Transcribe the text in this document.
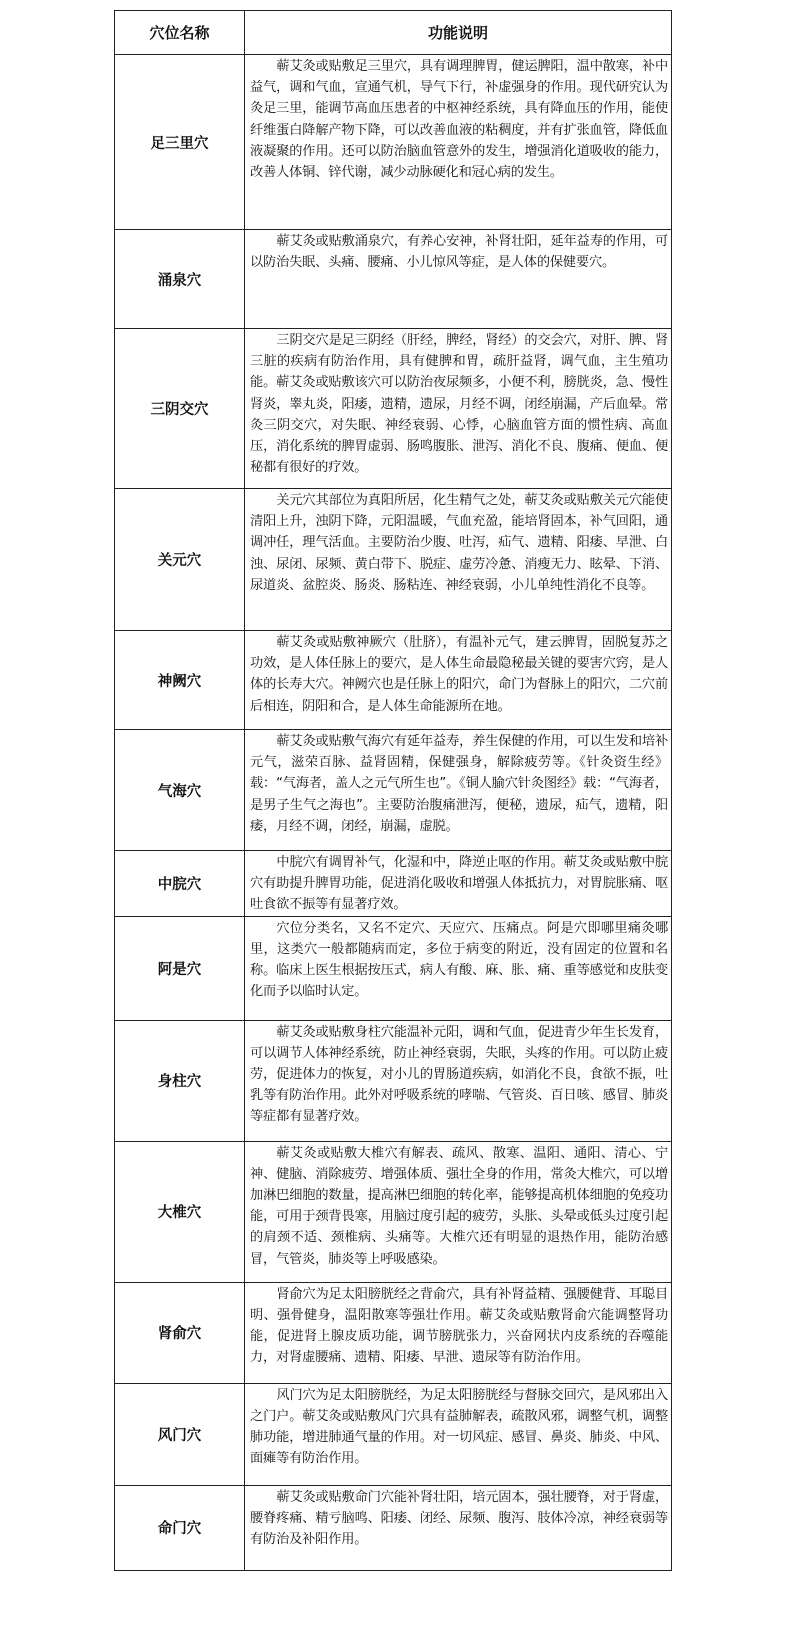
穴位名称	功能说明
足三里穴	蕲艾灸或贴敷足三里穴，具有调理脾胃，健运脾阳，温中散寒，补中益气，调和气血，宣通气机，导气下行，补虚强身的作用。现代研究认为灸足三里，能调节高血压患者的中枢神经系统，具有降血压的作用，能使纤维蛋白降解产物下降，可以改善血液的粘稠度，并有扩张血管，降低血液凝聚的作用。还可以防治脑血管意外的发生，增强消化道吸收的能力，改善人体铜、锌代谢，减少动脉硬化和冠心病的发生。
涌泉穴	蕲艾灸或贴敷涌泉穴，有养心安神，补肾壮阳，延年益寿的作用，可以防治失眠、头痛、腰痛、小儿惊风等症，是人体的保健要穴。
三阴交穴	三阴交穴是足三阴经（肝经，脾经，肾经）的交会穴，对肝、脾、肾三脏的疾病有防治作用，具有健脾和胃，疏肝益肾，调气血，主生殖功能。蕲艾灸或贴敷该穴可以防治夜尿频多，小便不利，膀胱炎，急、慢性肾炎，睾丸炎，阳痿，遗精，遗尿，月经不调，闭经崩漏，产后血晕。常灸三阴交穴，对失眠、神经衰弱、心悸，心脑血管方面的惯性病、高血压，消化系统的脾胃虚弱、肠鸣腹胀、泄泻、消化不良、腹痛、便血、便秘都有很好的疗效。
关元穴	关元穴其部位为真阳所居，化生精气之处，蕲艾灸或贴敷关元穴能使清阳上升，浊阴下降，元阳温暖，气血充盈，能培肾固本，补气回阳，通调冲任，理气活血。主要防治少腹、吐泻，疝气、遗精、阳痿、早泄、白浊、尿闭、尿频、黄白带下、脱症、虚劳冷惫、消瘦无力、眩晕、下消、尿道炎、盆腔炎、肠炎、肠粘连、神经衰弱，小儿单纯性消化不良等。
神阙穴	蕲艾灸或贴敷神厥穴（肚脐），有温补元气，建云脾胃，固脱复苏之功效，是人体任脉上的要穴，是人体生命最隐秘最关键的要害穴窍，是人体的长寿大穴。神阙穴也是任脉上的阳穴，命门为督脉上的阳穴，二穴前后相连，阴阳和合，是人体生命能源所在地。
气海穴	蕲艾灸或贴敷气海穴有延年益寿，养生保健的作用，可以生发和培补元气，滋荣百脉、益肾固精，保健强身，解除疲劳等。《针灸资生经》载：“气海者，盖人之元气所生也”。《铜人腧穴针灸图经》载：“气海者，是男子生气之海也”。主要防治腹痛泄泻，便秘，遗尿，疝气，遗精，阳痿，月经不调，闭经，崩漏，虚脱。
中脘穴	中脘穴有调胃补气，化湿和中，降逆止呕的作用。蕲艾灸或贴敷中脘穴有助提升脾胃功能，促进消化吸收和增强人体抵抗力，对胃脘胀痛、呕吐食欲不振等有显著疗效。
阿是穴	穴位分类名，又名不定穴、天应穴、压痛点。阿是穴即哪里痛灸哪里，这类穴一般都随病而定，多位于病变的附近，没有固定的位置和名称。临床上医生根据按压式，病人有酸、麻、胀、痛、重等感觉和皮肤变化而予以临时认定。
身柱穴	蕲艾灸或贴敷身柱穴能温补元阳，调和气血，促进青少年生长发育，可以调节人体神经系统，防止神经衰弱，失眠，头疼的作用。可以防止疲劳，促进体力的恢复，对小儿的胃肠道疾病，如消化不良，食欲不振，吐乳等有防治作用。此外对呼吸系统的哮喘、气管炎、百日咳、感冒、肺炎等症都有显著疗效。
大椎穴	蕲艾灸或贴敷大椎穴有解表、疏风、散寒、温阳、通阳、清心、宁神、健脑、消除疲劳、增强体质、强壮全身的作用，常灸大椎穴，可以增加淋巴细胞的数量，提高淋巴细胞的转化率，能够提高机体细胞的免疫功能，可用于颈背畏寒，用脑过度引起的疲劳，头胀、头晕或低头过度引起的肩颈不适、颈椎病、头痛等。大椎穴还有明显的退热作用，能防治感冒，气管炎，肺炎等上呼吸感染。
肾俞穴	肾俞穴为足太阳膀胱经之背俞穴，具有补肾益精、强腰健背、耳聪目明、强骨健身，温阳散寒等强壮作用。蕲艾灸或贴敷肾俞穴能调整肾功能，促进肾上腺皮质功能，调节膀胱张力，兴奋网状内皮系统的吞噬能力，对肾虚腰痛、遗精、阳痿、早泄、遗尿等有防治作用。
风门穴	风门穴为足太阳膀胱经，为足太阳膀胱经与督脉交回穴，是风邪出入之门户。蕲艾灸或贴敷风门穴具有益肺解表，疏散风邪，调整气机，调整肺功能，增进肺通气量的作用。对一切风症、感冒、鼻炎、肺炎、中风、面瘫等有防治作用。
命门穴	蕲艾灸或贴敷命门穴能补肾壮阳，培元固本，强壮腰脊，对于肾虚，腰脊疼痛、精亏脑鸣、阳痿、闭经、尿频、腹泻、肢体冷凉，神经衰弱等有防治及补阳作用。
